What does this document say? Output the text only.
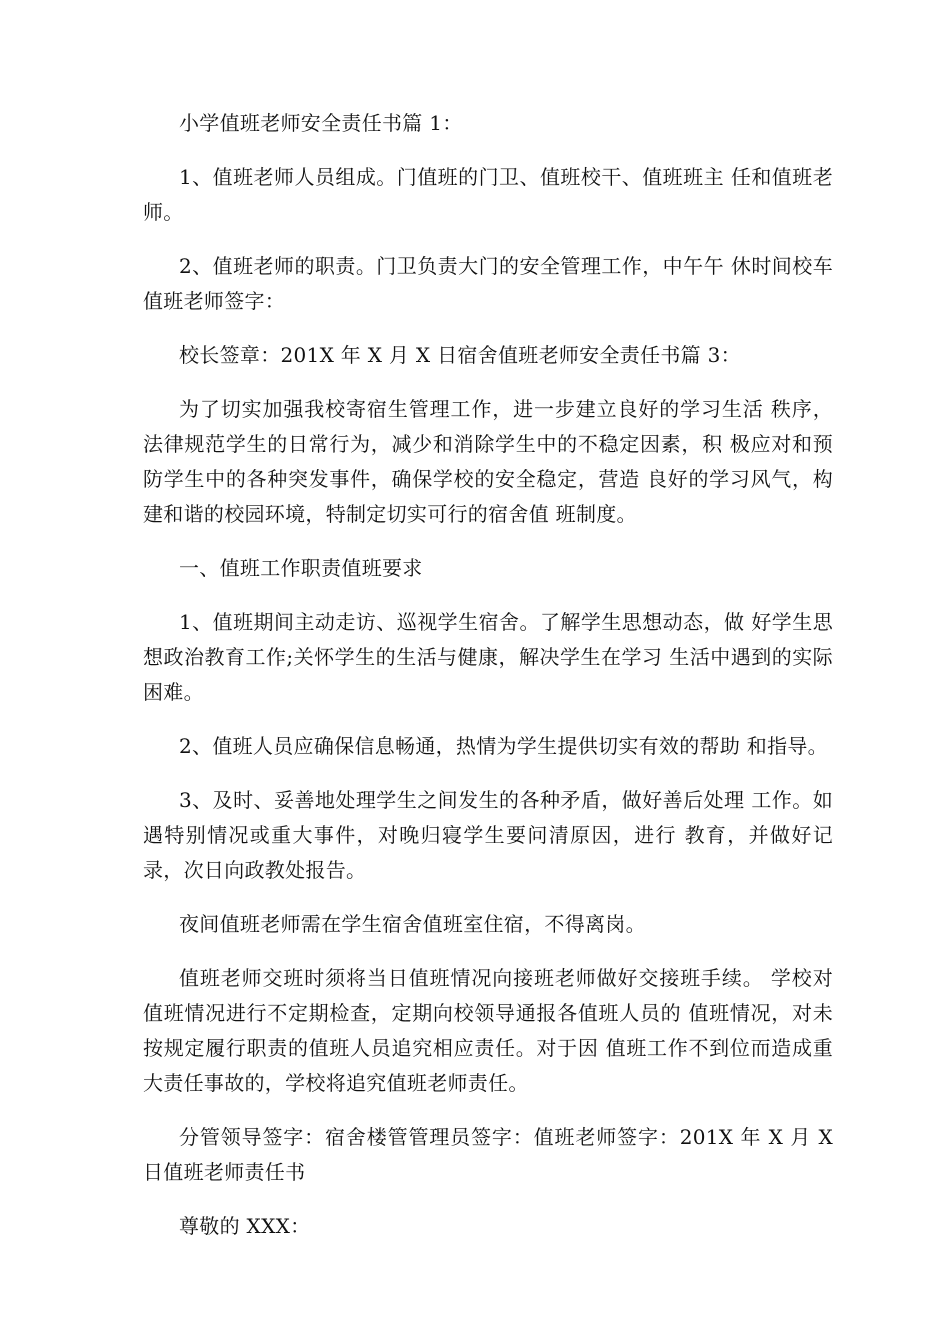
小学值班老师安全责任书篇 1：

1、值班老师人员组成。门值班的门卫、值班校干、值班班主 任和值班老师。

2、值班老师的职责。门卫负责大门的安全管理工作，中午午 休时间校车值班老师签字：

校长签章：201X 年 X 月 X 日宿舍值班老师安全责任书篇 3：

为了切实加强我校寄宿生管理工作，进一步建立良好的学习生活 秩序，法律规范学生的日常行为，减少和消除学生中的不稳定因素，积 极应对和预防学生中的各种突发事件，确保学校的安全稳定，营造 良好的学习风气，构建和谐的校园环境，特制定切实可行的宿舍值 班制度。

一、值班工作职责值班要求

1、值班期间主动走访、巡视学生宿舍。了解学生思想动态，做 好学生思想政治教育工作;关怀学生的生活与健康，解决学生在学习 生活中遇到的实际困难。

2、值班人员应确保信息畅通，热情为学生提供切实有效的帮助 和指导。

3、及时、妥善地处理学生之间发生的各种矛盾，做好善后处理 工作。如遇特别情况或重大事件，对晚归寝学生要问清原因，进行 教育，并做好记录，次日向政教处报告。

夜间值班老师需在学生宿舍值班室住宿，不得离岗。

值班老师交班时须将当日值班情况向接班老师做好交接班手续。 学校对值班情况进行不定期检查，定期向校领导通报各值班人员的 值班情况，对未按规定履行职责的值班人员追究相应责任。对于因 值班工作不到位而造成重大责任事故的，学校将追究值班老师责任。

分管领导签字：宿舍楼管管理员签字：值班老师签字：201X 年 X 月 X 日值班老师责任书

尊敬的 XXX：
